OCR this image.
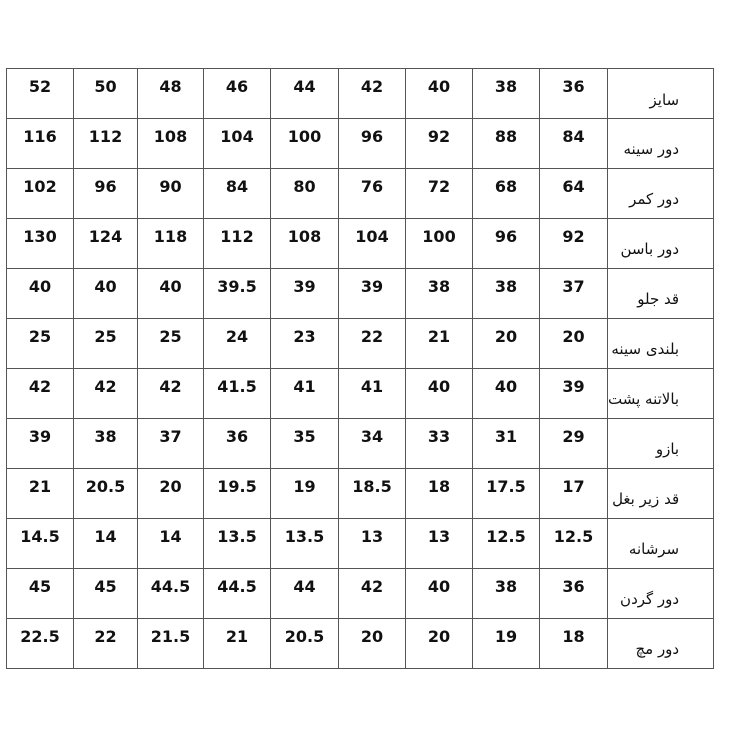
52	50	48	46	44	42	40	38	36	سایز
116	112	108	104	100	96	92	88	84	دور سینه
102	96	90	84	80	76	72	68	64	دور کمر
130	124	118	112	108	104	100	96	92	دور باسن
40	40	40	39.5	39	39	38	38	37	قد جلو
25	25	25	24	23	22	21	20	20	بلندی سینه
42	42	42	41.5	41	41	40	40	39	بالاتنه پشت
39	38	37	36	35	34	33	31	29	بازو
21	20.5	20	19.5	19	18.5	18	17.5	17	قد زیر بغل
14.5	14	14	13.5	13.5	13	13	12.5	12.5	سرشانه
45	45	44.5	44.5	44	42	40	38	36	دور گردن
22.5	22	21.5	21	20.5	20	20	19	18	دور مچ
